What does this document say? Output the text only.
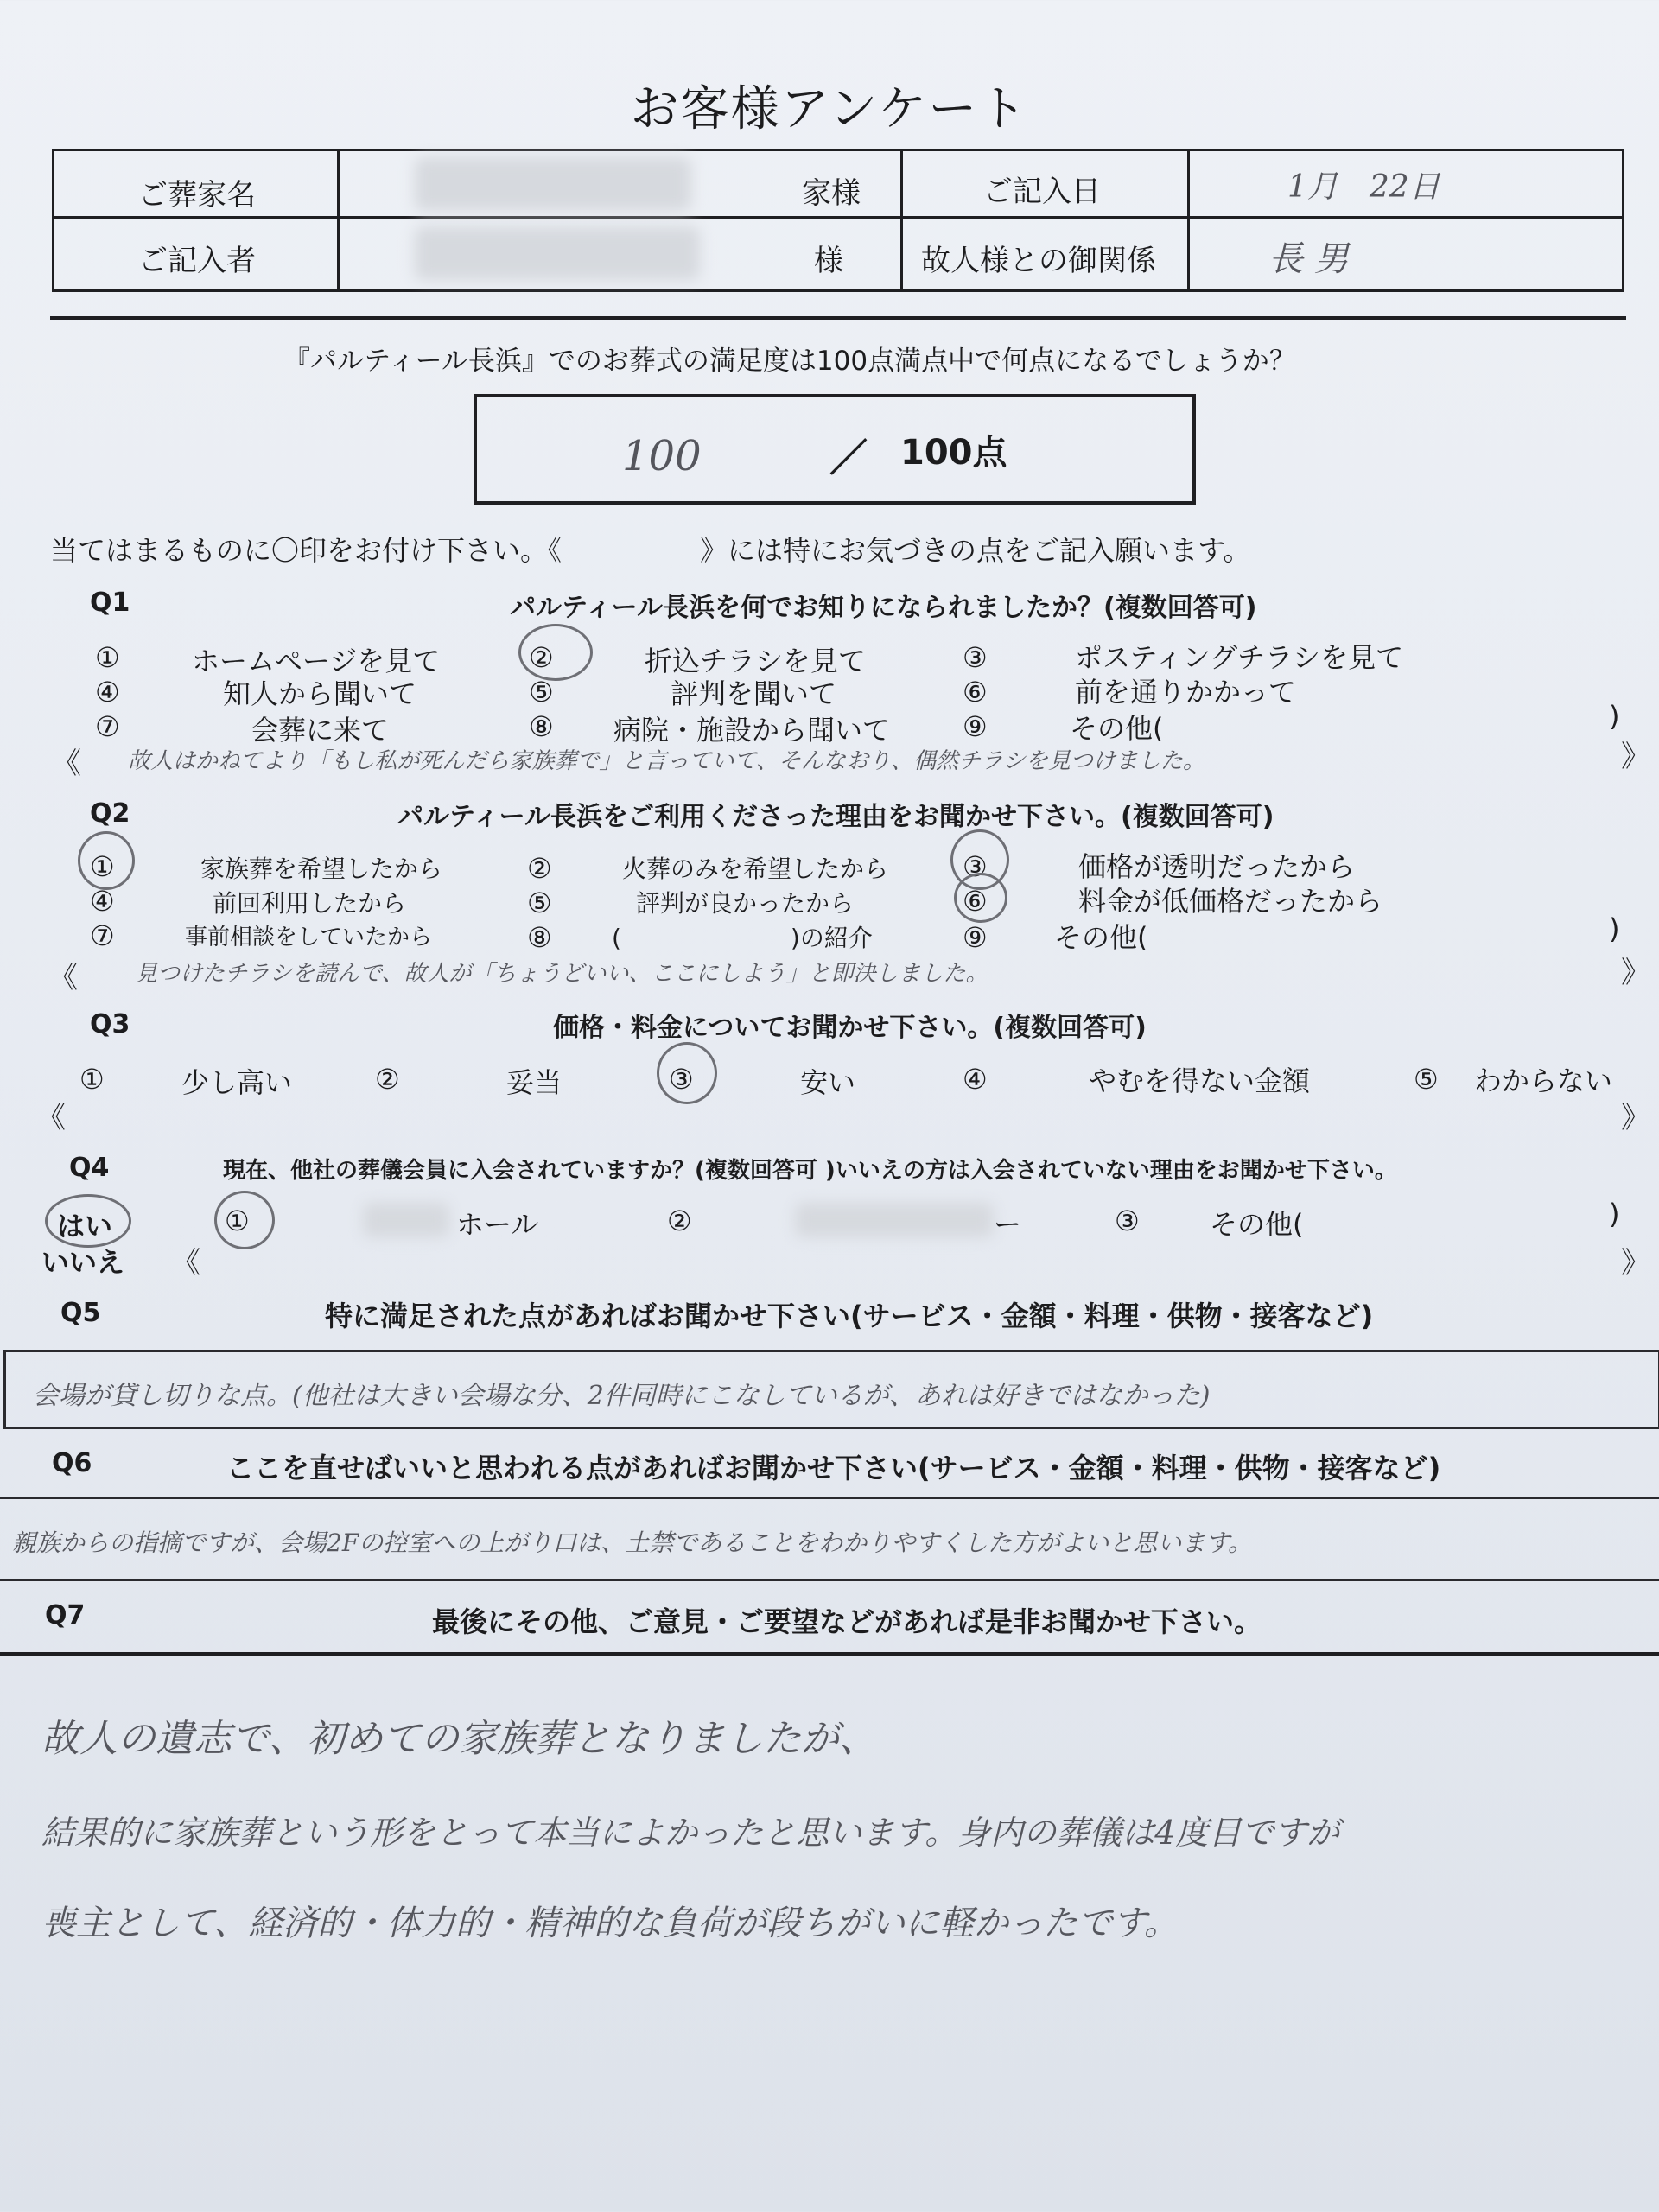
お客様アンケート
ご葬家名	家様	ご記入日	1月　22日
ご記入者	様	故人様との御関係	長 男
『パルティール長浜』でのお葬式の満足度は100点満点中で何点になるでしょうか？
100	／ 100点
当てはまるものに〇印をお付け下さい。《　　　　　》には特にお気づきの点をご記入願います。
Q1	パルティール長浜を何でお知りになられましたか？(複数回答可)
①	ホームページを見て	②	折込チラシを見て	③	ポスティングチラシを見て
④	知人から聞いて	⑤	評判を聞いて	⑥	前を通りかかって
⑦	会葬に来て	⑧ 病院・施設から聞いて	⑨	その他(	)
《 故人はかねてより「もし私が死んだら家族葬で」と言っていて、そんなおり、偶然チラシを見つけました。	》
Q2	パルティール長浜をご利用くださった理由をお聞かせ下さい。(複数回答可)
①	家族葬を希望したから	②	火葬のみを希望したから	③	価格が透明だったから
④	前回利用したから	⑤	評判が良かったから	⑥	料金が低価格だったから
⑦	事前相談をしていたから	⑧ (　　　　　　　)の紹介	⑨ その他(	)
《	見つけたチラシを読んで、故人が「ちょうどいい、ここにしよう」と即決しました。	》
Q3	価格・料金についてお聞かせ下さい。(複数回答可)
①	少し高い	②	妥当	③	安い	④	やむを得ない金額	⑤ わからない
《	》
Q4	現在、他社の葬儀会員に入会されていますか？(複数回答可 )いいえの方は入会されていない理由をお聞かせ下さい。
はい
いいえ
①	ホール	②	ー	③	その他(	)
《	》
Q5	特に満足された点があればお聞かせ下さい(サービス・金額・料理・供物・接客など)
会場が貸し切りな点。(他社は大きい会場な分、2件同時にこなしているが、あれは好きではなかった)
Q6	ここを直せばいいと思われる点があればお聞かせ下さい(サービス・金額・料理・供物・接客など)
親族からの指摘ですが、会場2Fの控室への上がり口は、土禁であることをわかりやすくした方がよいと思います。
Q7	最後にその他、ご意見・ご要望などがあれば是非お聞かせ下さい。
故人の遺志で、初めての家族葬となりましたが、
結果的に家族葬という形をとって本当によかったと思います。身内の葬儀は4度目ですが
喪主として、経済的・体力的・精神的な負荷が段ちがいに軽かったです。
